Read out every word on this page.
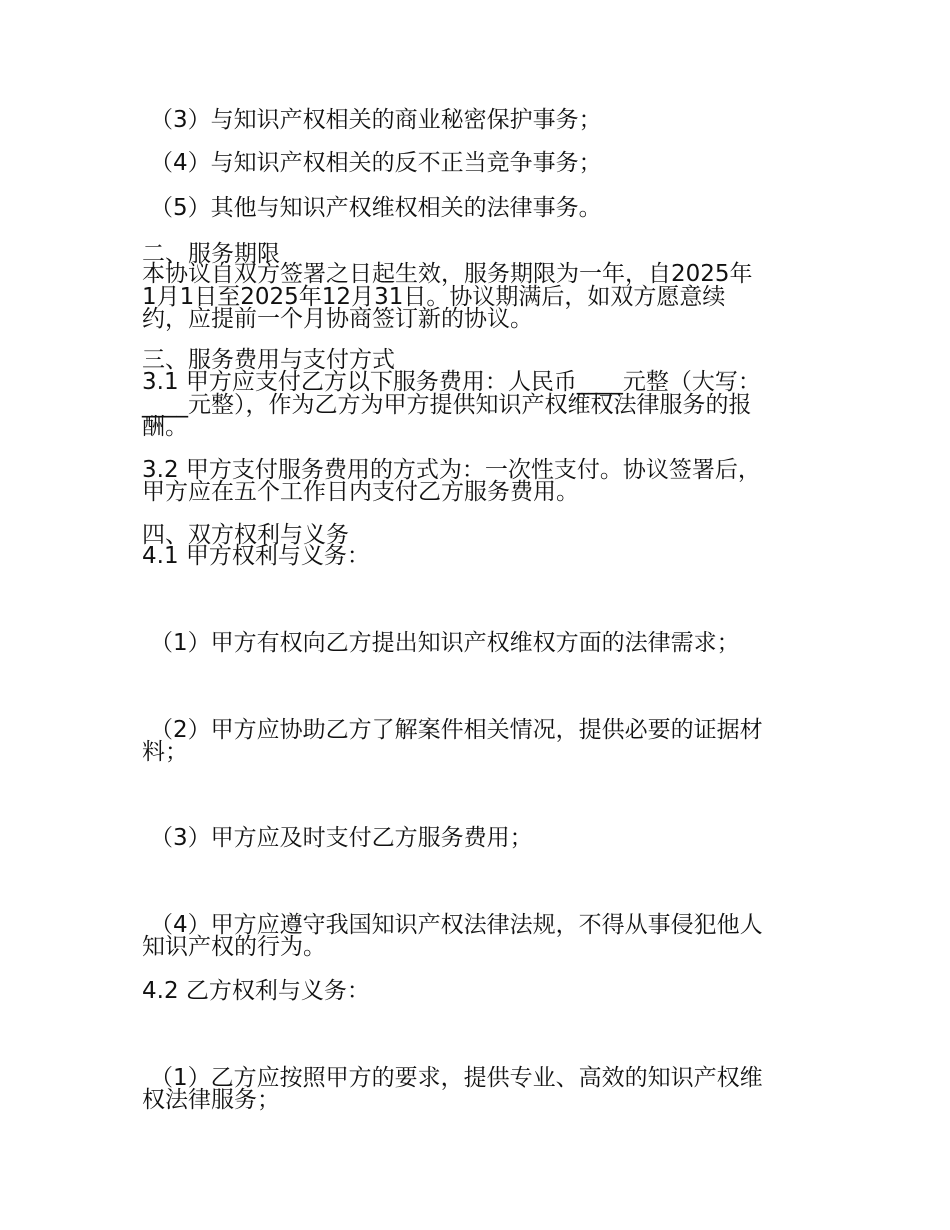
（3）与知识产权相关的商业秘密保护事务；
（4）与知识产权相关的反不正当竞争事务；
（5）其他与知识产权维权相关的法律事务。
二、服务期限
本协议自双方签署之日起生效，服务期限为一年，自2025年
1月1日至2025年12月31日。协议期满后，如双方愿意续
约，应提前一个月协商签订新的协议。
三、服务费用与支付方式
3.1 甲方应支付乙方以下服务费用：人民币____元整（大写：
____元整），作为乙方为甲方提供知识产权维权法律服务的报
酬。
3.2 甲方支付服务费用的方式为：一次性支付。协议签署后，
甲方应在五个工作日内支付乙方服务费用。
四、双方权利与义务
4.1 甲方权利与义务：
（1）甲方有权向乙方提出知识产权维权方面的法律需求；
（2）甲方应协助乙方了解案件相关情况，提供必要的证据材
料；
（3）甲方应及时支付乙方服务费用；
（4）甲方应遵守我国知识产权法律法规，不得从事侵犯他人
知识产权的行为。
4.2 乙方权利与义务：
（1）乙方应按照甲方的要求，提供专业、高效的知识产权维
权法律服务；
